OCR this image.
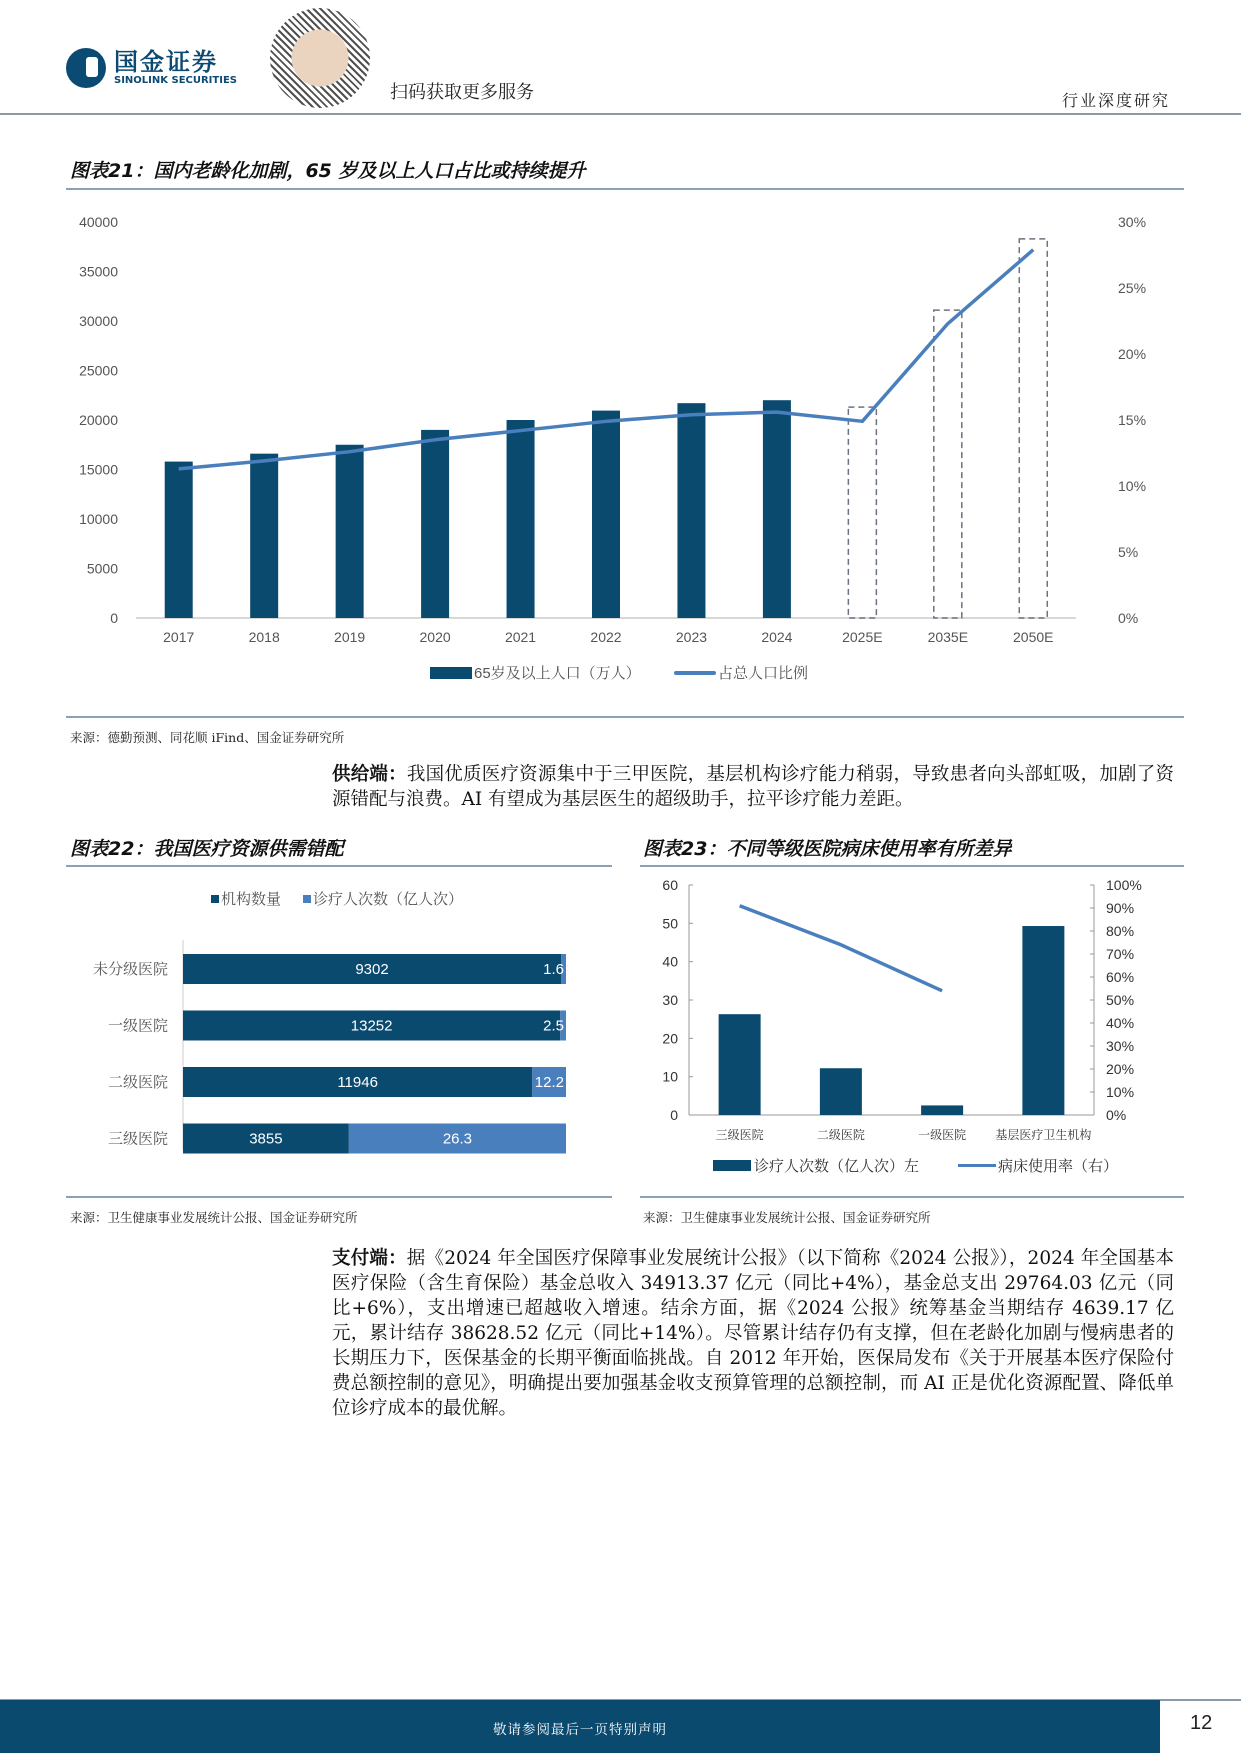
国金证券
SINOLINK SECURITIES
扫码获取更多服务	行业深度研究
图表21：国内老龄化加剧，65 岁及以上人口占比或持续提升
0
5000
10000
15000
20000
25000
30000
35000
40000
0%
5%
10%
15%
20%
25%
30%
2017	2018	2019	2020	2021	2022	2023	2024	2025E	2035E	2050E
65岁及以上人口（万人）	占总人口比例
来源：德勤预测、同花顺 iFind、国金证券研究所
供给端：我国优质医疗资源集中于三甲医院，基层机构诊疗能力稍弱，导致患者向头部虹吸，加剧了资源错配与浪费。AI 有望成为基层医生的超级助手，拉平诊疗能力差距。
图表22：我国医疗资源供需错配
机构数量 诊疗人次数（亿人次）
未分级医院	9302	1.6
一级医院	13252	2.5
二级医院	11946	12.2
三级医院	3855	26.3
来源：卫生健康事业发展统计公报、国金证券研究所
图表23：不同等级医院病床使用率有所差异
0
10
20
30
40
50
60
0%
10%
20%
30%
40%
50%
60%
70%
80%
90%
100%
三级医院	二级医院	一级医院 基层医疗卫生机构
诊疗人次数（亿人次）左	病床使用率（右）
来源：卫生健康事业发展统计公报、国金证券研究所
支付端：据《2024 年全国医疗保障事业发展统计公报》（以下简称《2024 公报》），2024 年全国基本医疗保险（含生育保险）基金总收入 34913.37 亿元（同比+4%），基金总支出 29764.03 亿元（同比+6%），支出增速已超越收入增速。结余方面，据《2024 公报》统筹基金当期结存 4639.17 亿元，累计结存 38628.52 亿元（同比+14%）。尽管累计结存仍有支撑，但在老龄化加剧与慢病患者的长期压力下，医保基金的长期平衡面临挑战。自 2012 年开始，医保局发布《关于开展基本医疗保险付费总额控制的意见》，明确提出要加强基金收支预算管理的总额控制，而 AI 正是优化资源配置、降低单位诊疗成本的最优解。
敬请参阅最后一页特别声明	12
